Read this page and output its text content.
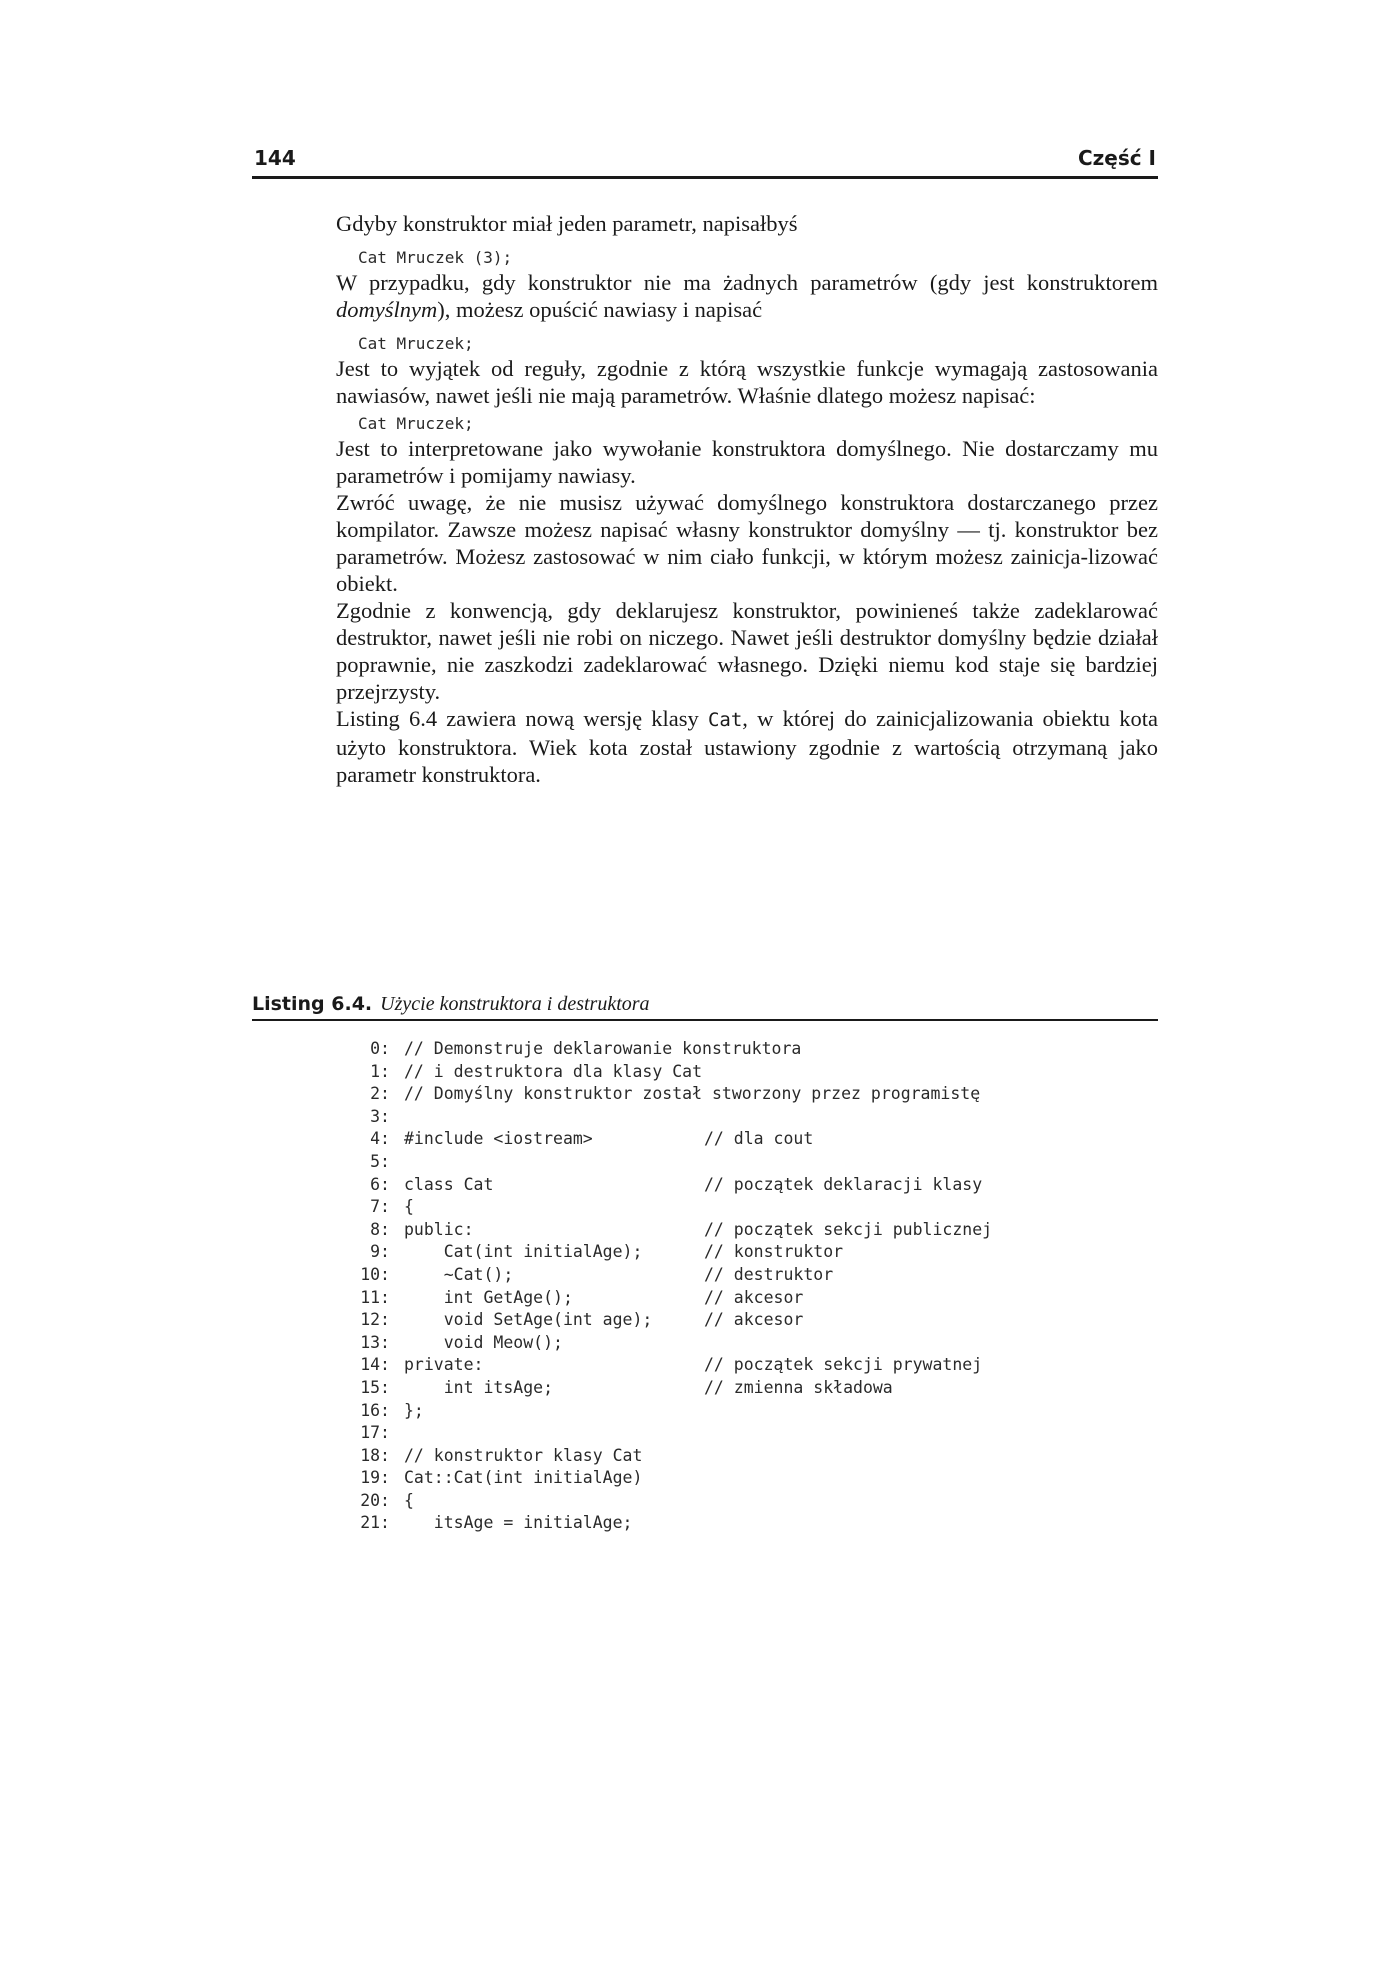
144	Część I

Gdyby konstruktor miał jeden parametr, napisałbyś

Cat Mruczek (3);

W przypadku, gdy konstruktor nie ma żadnych parametrów (gdy jest konstruktorem domyślnym), możesz opuścić nawiasy i napisać

Cat Mruczek;

Jest to wyjątek od reguły, zgodnie z którą wszystkie funkcje wymagają zastosowania nawiasów, nawet jeśli nie mają parametrów. Właśnie dlatego możesz napisać:

Cat Mruczek;

Jest to interpretowane jako wywołanie konstruktora domyślnego. Nie dostarczamy mu parametrów i pomijamy nawiasy.

Zwróć uwagę, że nie musisz używać domyślnego konstruktora dostarczanego przez kompilator. Zawsze możesz napisać własny konstruktor domyślny — tj. konstruktor bez parametrów. Możesz zastosować w nim ciało funkcji, w którym możesz zainicja-lizować obiekt.

Zgodnie z konwencją, gdy deklarujesz konstruktor, powinieneś także zadeklarować destruktor, nawet jeśli nie robi on niczego. Nawet jeśli destruktor domyślny będzie działał poprawnie, nie zaszkodzi zadeklarować własnego. Dzięki niemu kod staje się bardziej przejrzysty.

Listing 6.4 zawiera nową wersję klasy Cat, w której do zainicjalizowania obiektu kota użyto konstruktora. Wiek kota został ustawiony zgodnie z wartością otrzymaną jako parametr konstruktora.

Listing 6.4. Użycie konstruktora i destruktora
0: // Demonstruje deklarowanie konstruktora
1: // i destruktora dla klasy Cat
2: // Domyślny konstruktor został stworzony przez programistę
3:
4: #include <iostream>	// dla cout
5:
6: class Cat	// początek deklaracji klasy
7: {
8: public:	// początek sekcji publicznej
9: Cat(int initialAge);	// konstruktor
10: ~Cat();	// destruktor
11: int GetAge();	// akcesor
12: void SetAge(int age);	// akcesor
13: void Meow();
14: private:	// początek sekcji prywatnej
15: int itsAge;	// zmienna składowa
16: };
17:
18: // konstruktor klasy Cat
19: Cat::Cat(int initialAge)
20: {
21: itsAge = initialAge;
